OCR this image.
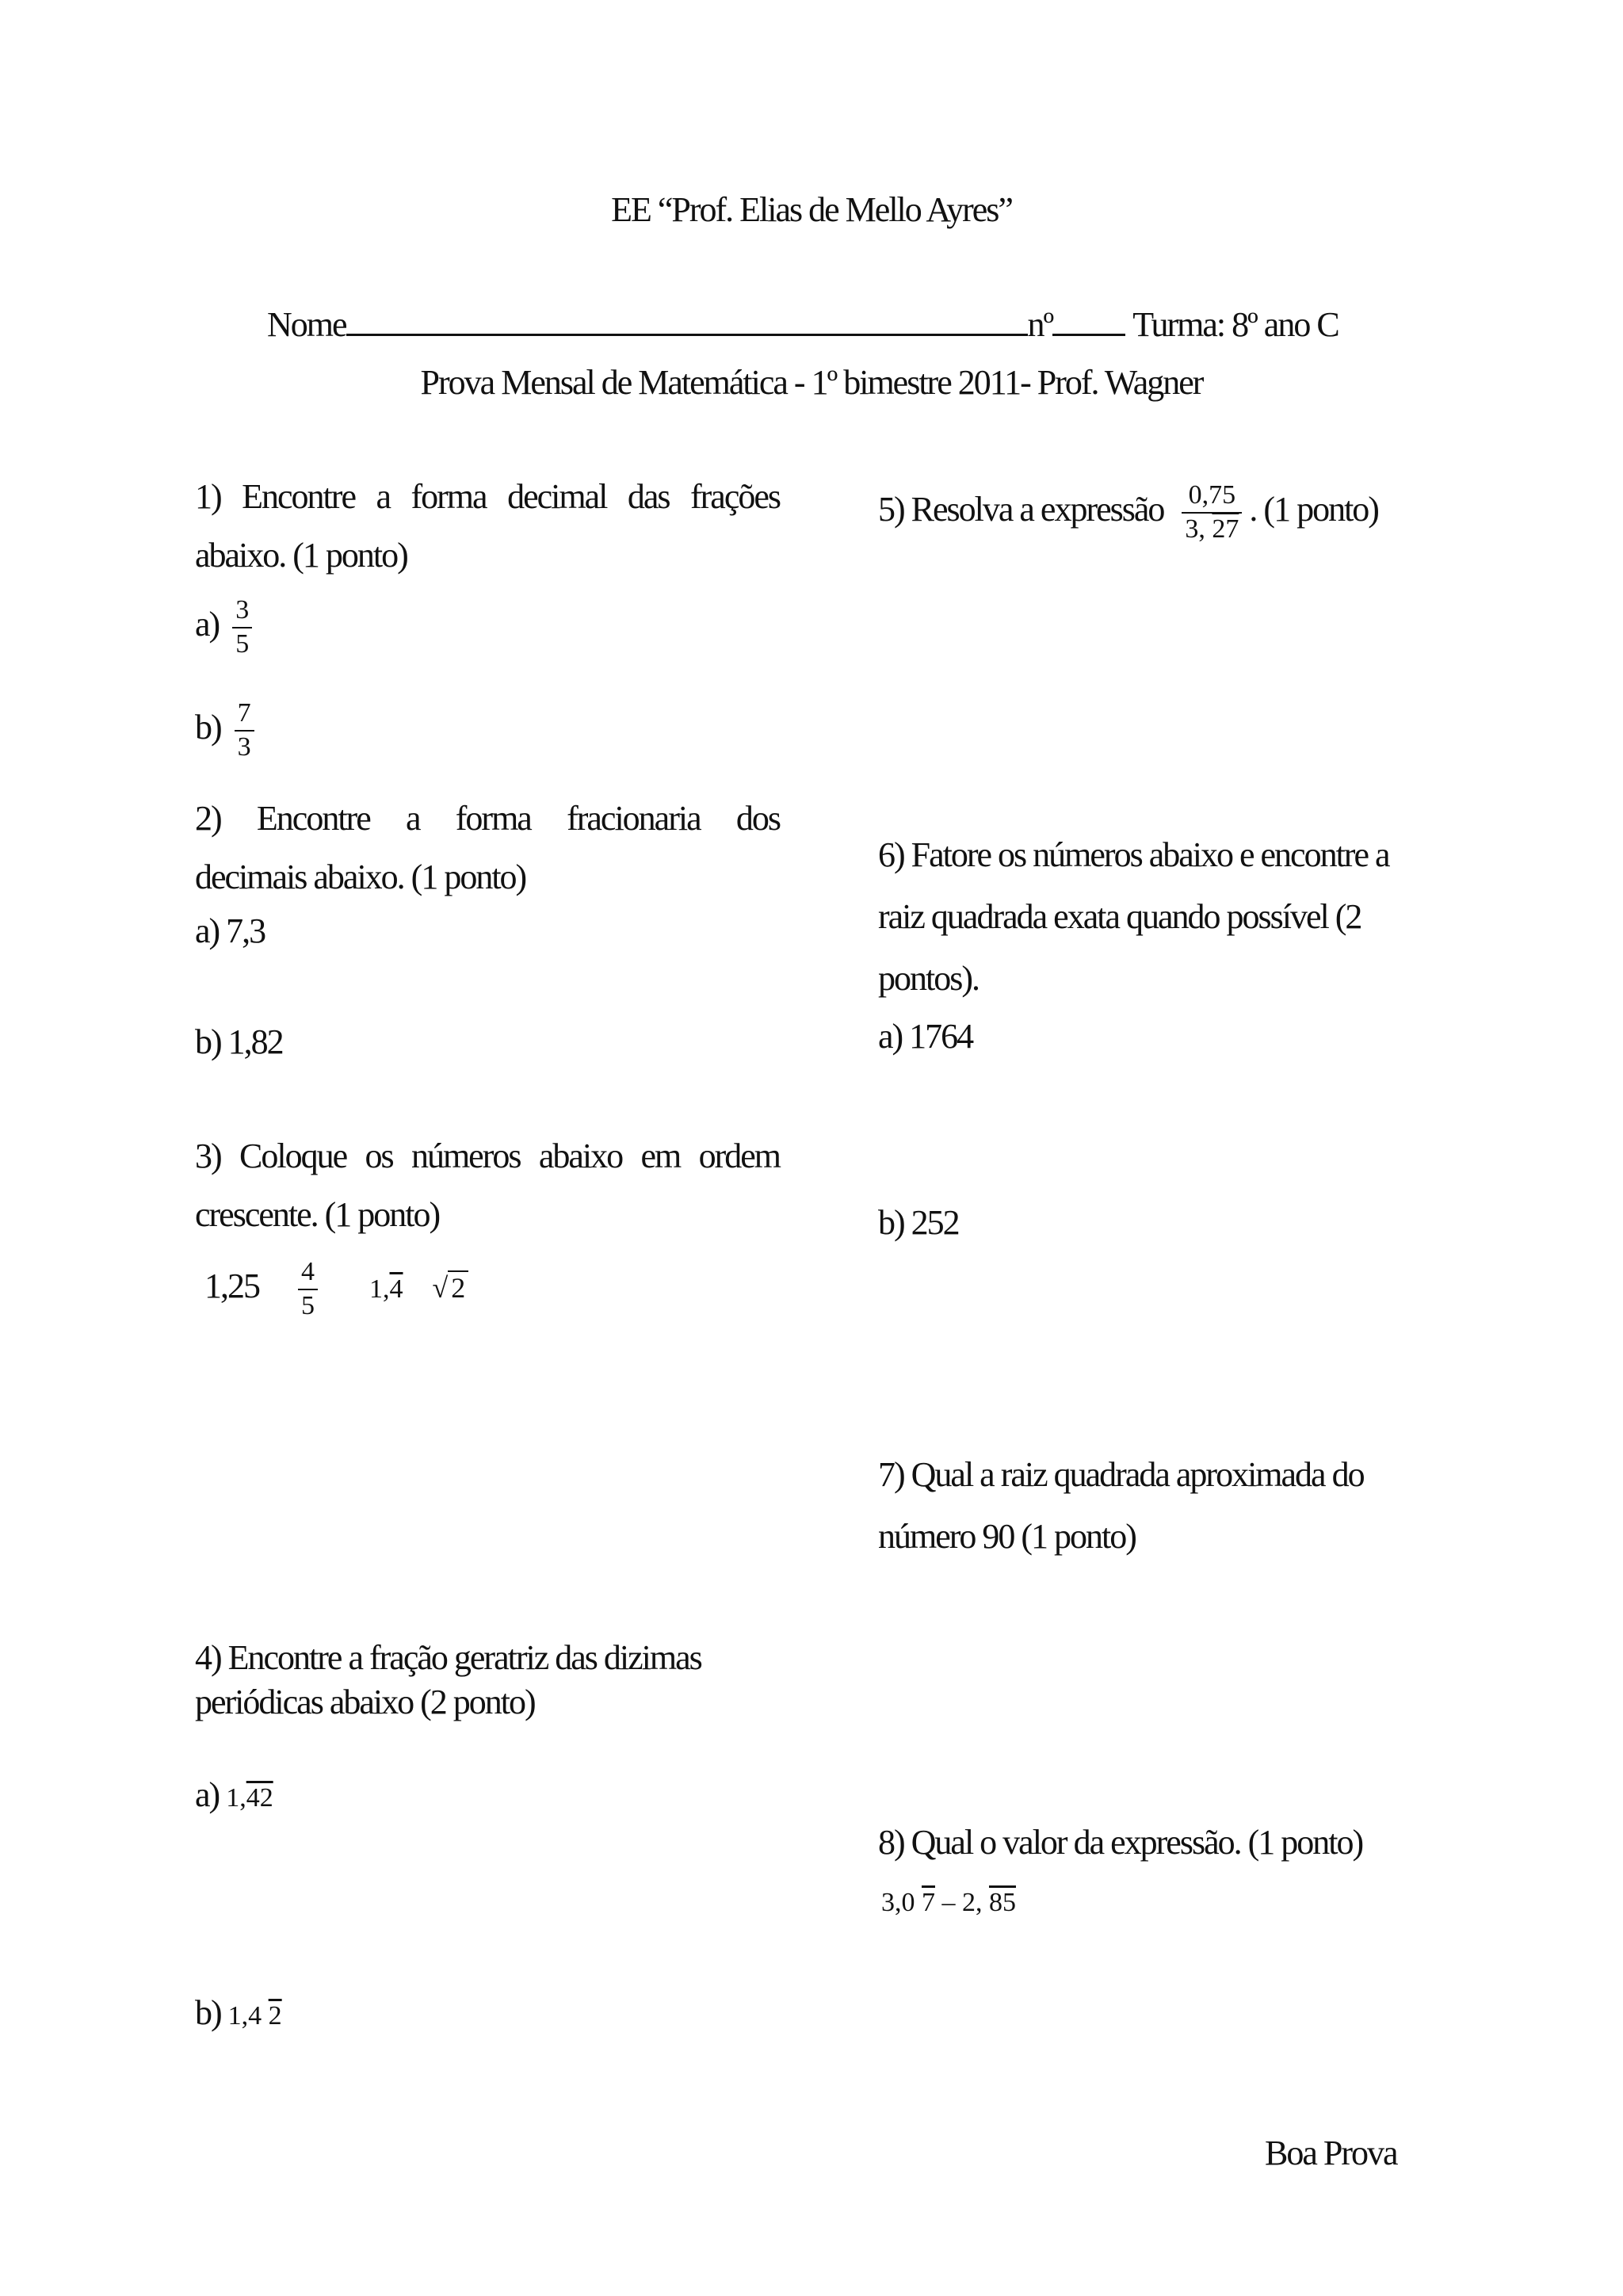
EE “Prof. Elias de Mello Ayres”
Nome	nº Turma: 8º ano C
Prova Mensal de Matemática - 1º bimestre 2011- Prof. Wagner
1) Encontre a forma decimal das frações
abaixo. (1 ponto)
$a) \frac{3}{5}$
$b) \frac{7}{3}$
2) Encontre a forma fracionaria dos
decimais abaixo. (1 ponto)
a) 7,3
b) 1,82
3) Coloque os números abaixo em ordem
crescente. (1 ponto)
$1,25 \frac{4}{5} 1,4$ √ 2
4) Encontre a fração geratriz das dizimas
periódicas abaixo (2 ponto)
a) 1,42
b) 1,4 2
5) Resolva a expressão $\frac{0,75}{3, 27}$ . (1 ponto)
6) Fatore os números abaixo e encontre a
raiz quadrada exata quando possível (2
pontos).
a) 1764
b) 252
7) Qual a raiz quadrada aproximada do
número 90 (1 ponto)
8) Qual o valor da expressão. (1 ponto)
3,0 7 – 2, 85
Boa Prova
